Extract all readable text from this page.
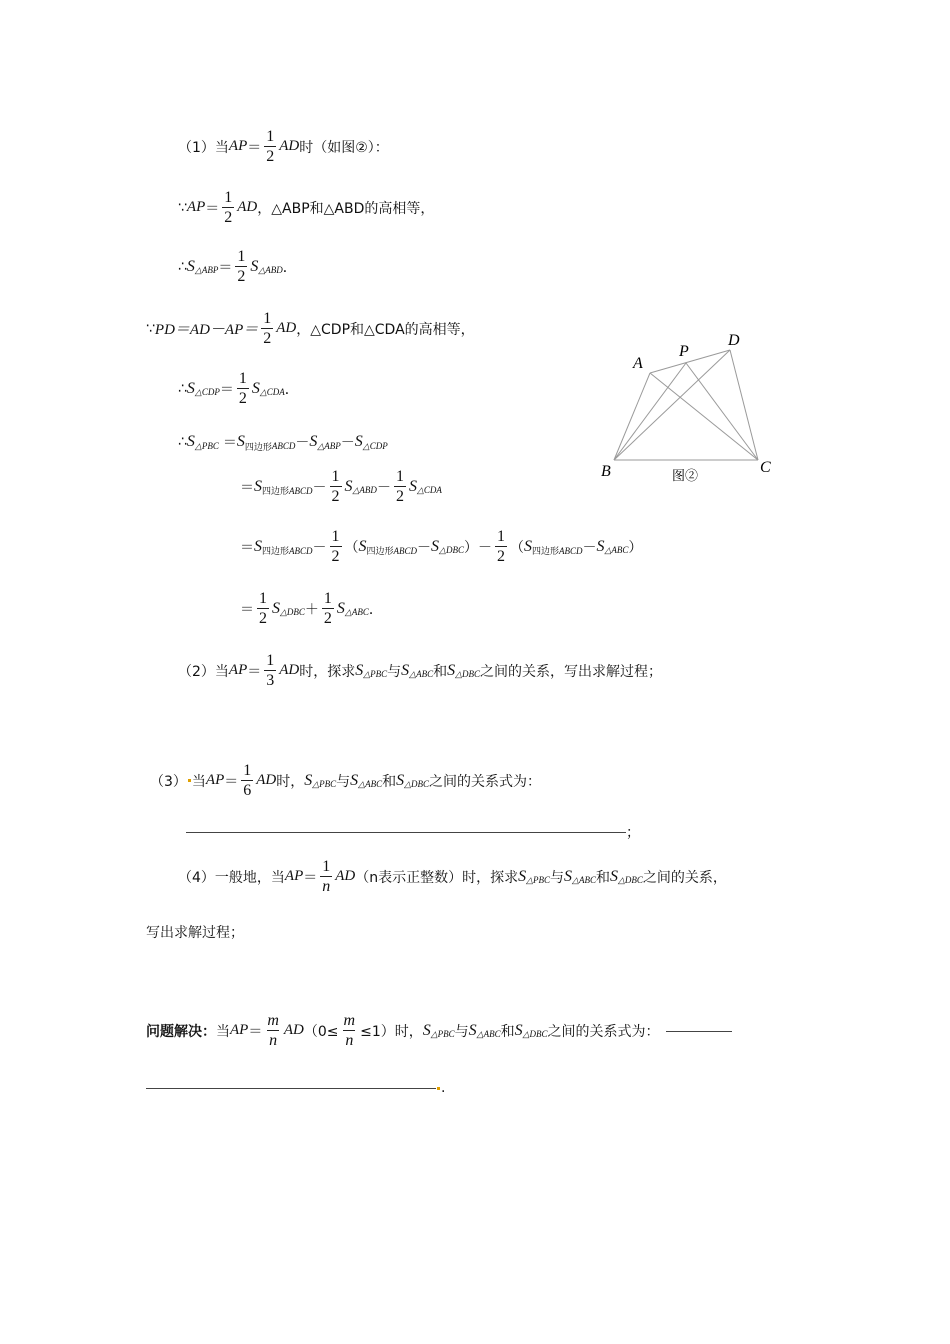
（1）当 AP ＝ $\frac{1}{2}$ AD 时（如图②）：
∵ AP ＝ $\frac{1}{2}$ AD ，△ABP和△ABD的高相等，
∴ S △ABP ＝ $\frac{1}{2}$ S △ABD ．
∵ $PD=AD-AP= \frac{1}{2}$ AD ，△CDP和△CDA的高相等，
∴ S △CDP ＝ $\frac{1}{2}$ S △CDA ．
∴ S △PBC ＝ S 四边形 ABCD － S △ABP － S △CDP
＝ S 四边形 ABCD － $\frac{1}{2}$ S △ABD － $\frac{1}{2}$ S △CDA
＝ S 四边形 ABCD － $\frac{1}{2}$ （ S 四边形 ABCD － S △DBC ） － $\frac{1}{2}$ （ S 四边形 ABCD － S △ABC ）
＝ $\frac{1}{2}$ S △DBC ＋ $\frac{1}{2}$ S △ABC ．
A
P
D
B	C
图②
（2）当 AP ＝ $\frac{1}{3}$ AD 时，探求 S △PBC 与 S △ABC 和 S △DBC 之间的关系，写出求解过程；
（3） 当 AP ＝ $\frac{1}{6}$ AD 时， S △PBC 与 S △ABC 和 S △DBC 之间的关系式为：
；
（4）一般地，当 AP ＝ $\frac{1}{n}$ AD （n表示正整数）时，探求 S △PBC 与 S △ABC 和 S △DBC 之间的关系，
写出求解过程；
问题解决： 当 AP ＝ $\frac{m}{n}$ AD $(0\le \frac{m}{n} \le 1)$时， S △PBC 与 S △ABC 和 S △DBC 之间的关系式为：
.
